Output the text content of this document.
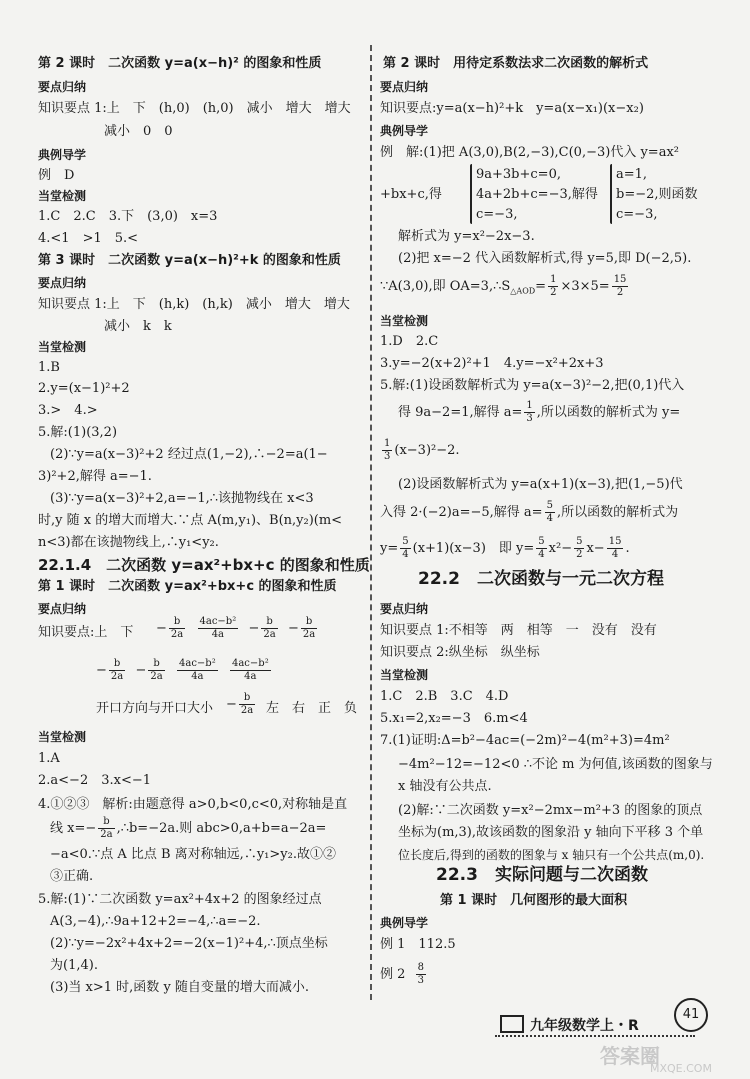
第 2 课时　二次函数 y=a(x−h)² 的图象和性质
要点归纳
知识要点 1:上　下　(h,0)　(h,0)　减小　增大　增大
减小　0　0
典例导学
例　D
当堂检测
1.C　2.C　3.下　(3,0)　x=3
4.<1　>1　5.<
第 3 课时　二次函数 y=a(x−h)²+k 的图象和性质
要点归纳
知识要点 1:上　下　(h,k)　(h,k)　减小　增大　增大
减小　k　k
当堂检测
1.B
2.y=(x−1)²+2
3.>　4.>
5.解:(1)(3,2)
(2)∵y=a(x−3)²+2 经过点(1,−2),∴−2=a(1−
3)²+2,解得 a=−1.
(3)∵y=a(x−3)²+2,a=−1,∴该抛物线在 x<3
时,y 随 x 的增大而增大.∵点 A(m,y₁)、B(n,y₂)(m<
n<3)都在该抛物线上,∴y₁<y₂.
22.1.4　二次函数 y=ax²+bx+c 的图象和性质
第 1 课时　二次函数 y=ax²+bx+c 的图象和性质
要点归纳
知识要点:上　下 − $\frac{b}{2a}$
$\frac{\text{4ac−b²}}{4a} - \frac{b}{2a} - \frac{b}{2a}$
− $\frac{b}{2a} - \frac{b}{2a}$
$\frac{\text{4ac−b²}}{4a}$
$\frac{\text{4ac−b²}}{4a}$
开口方向与开口大小 − $\frac{b}{2a}$ 左　右　正　负
当堂检测
1.A
2.a<−2　3.x<−1
4.①②③　解析:由题意得 a>0,b<0,c<0,对称轴是直
线 $x=- \frac{b}{2a}$ ,∴b=−2a.则 abc>0,a+b=a−2a=
−a<0.∵点 A 比点 B 离对称轴远,∴y₁>y₂.故①②
③正确.
5.解:(1)∵二次函数 y=ax²+4x+2 的图象经过点
A(3,−4),∴9a+12+2=−4,∴a=−2.
(2)∵y=−2x²+4x+2=−2(x−1)²+4,∴顶点坐标
为(1,4).
(3)当 x>1 时,函数 y 随自变量的增大而减小.
第 2 课时　用待定系数法求二次函数的解析式
要点归纳
知识要点:y=a(x−h)²+k　y=a(x−x₁)(x−x₂)
典例导学
例　解:(1)把 A(3,0),B(2,−3),C(0,−3)代入 y=ax²
9a+3b+c=0,	a=1,
+bx+c,得	4a+2b+c=−3,解得 b=−2,则函数
c=−3,	c=−3,
解析式为 y=x²−2x−3.
(2)把 x=−2 代入函数解析式,得 y=5,即 D(−2,5).
∵A(3,0),即 $OA=3,\therefore S_{\triangle AOD}= \frac{1}{2} \times 3\times 5= \frac{15}{2}$
当堂检测
1.D　2.C
3.y=−2(x+2)²+1　4.y=−x²+2x+3
5.解:(1)设函数解析式为 y=a(x−3)²−2,把(0,1)代入
得 9a−2=1,解得 $a= \frac{1}{3}$ ,所以函数的解析式为 y=
$\frac{1}{3} (x-3)^2-2$.
(2)设函数解析式为 y=a(x+1)(x−3),把(1,−5)代
入得 2·(−2)a=−5,解得 $a= \frac{5}{4}$ ,所以函数的解析式为
$y= \frac{5}{4} (x+1)(x-3)$　即 $y= \frac{5}{4} x^2- \frac{5}{2} x- \frac{15}{4}$ .
22.2　二次函数与一元二次方程
要点归纳
知识要点 1:不相等　两　相等　一　没有　没有
知识要点 2:纵坐标　纵坐标
当堂检测
1.C　2.B　3.C　4.D
5.x₁=2,x₂=−3　6.m<4
7.(1)证明:Δ=b²−4ac=(−2m)²−4(m²+3)=4m²
−4m²−12=−12<0 ∴不论 m 为何值,该函数的图象与
x 轴没有公共点.
(2)解:∵二次函数 y=x²−2mx−m²+3 的图象的顶点
坐标为(m,3),故该函数的图象沿 y 轴向下平移 3 个单
位长度后,得到的函数的图象与 x 轴只有一个公共点(m,0).
22.3　实际问题与二次函数
第 1 课时　几何图形的最大面积
典例导学
例 1　112.5
例 $2 \frac{8}{3}$
九年级数学上・R
41
答案圈
MXQE.COM
